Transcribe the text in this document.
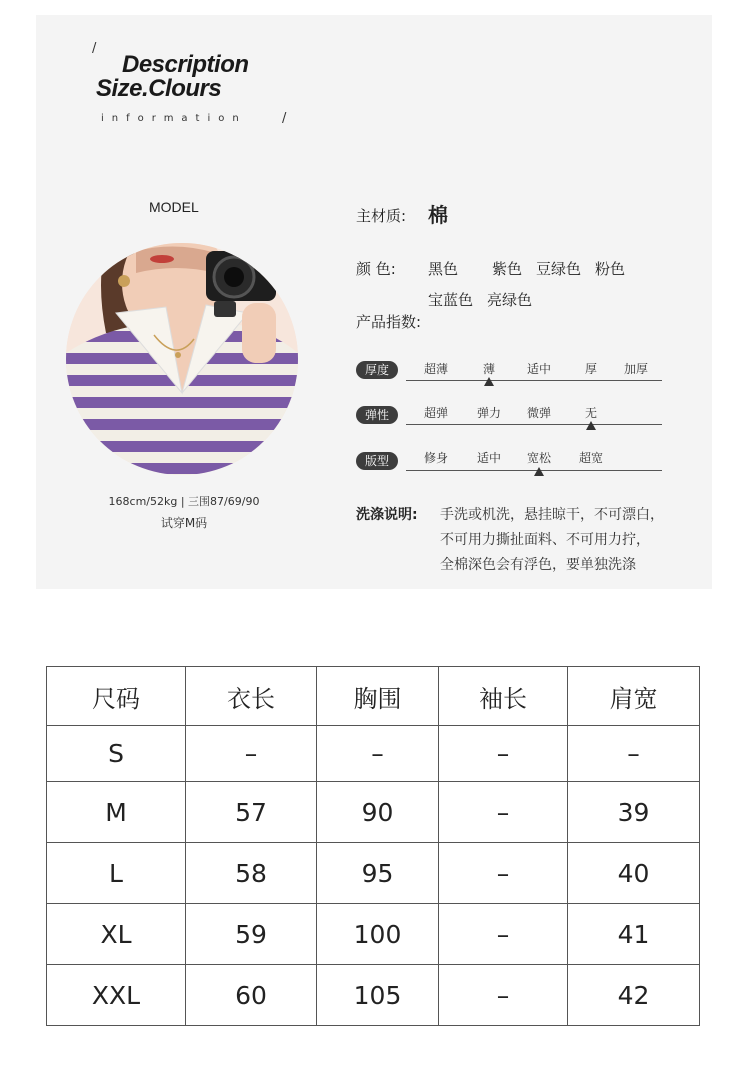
/
Description
Size.Clours
information	/
MODEL
168cm/52kg | 三围87/69/90
试穿M码
主材质: 棉
颜 色: 黑色 紫色 豆绿色 粉色
宝蓝色 亮绿色
产品指数:
厚度	超薄	薄	适中	厚 加厚
弹性	超弹 弹力 微弹	无
版型	修身 适中 宽松 超宽
洗涤说明: 手洗或机洗，悬挂晾干，不可漂白，
不可用力撕扯面料、不可用力拧，
全棉深色会有浮色，要单独洗涤
尺码	衣长	胸围	袖长	肩宽
S	–	–	–	–
M	57	90	–	39
L	58	95	–	40
XL	59	100	–	41
XXL	60	105	–	42
